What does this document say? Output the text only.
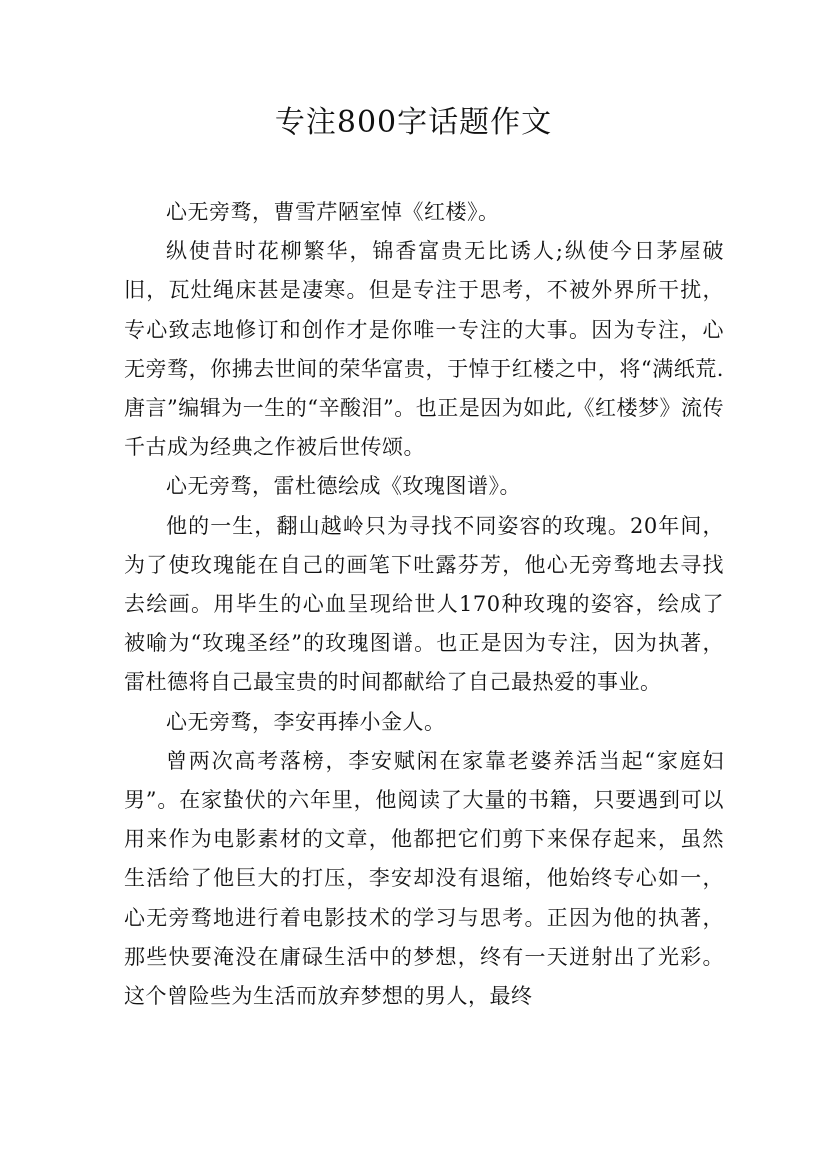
专注800字话题作文

心无旁骛，曹雪芹陋室悼《红楼》。

纵使昔时花柳繁华，锦香富贵无比诱人;纵使今日茅屋破旧，瓦灶绳床甚是凄寒。但是专注于思考，不被外界所干扰，专心致志地修订和创作才是你唯一专注的大事。因为专注，心无旁骛，你拂去世间的荣华富贵，于悼于红楼之中，将“满纸荒.唐言”编辑为一生的“辛酸泪”。也正是因为如此,《红楼梦》流传千古成为经典之作被后世传颂。

心无旁骛，雷杜德绘成《玫瑰图谱》。

他的一生，翻山越岭只为寻找不同姿容的玫瑰。20年间，为了使玫瑰能在自己的画笔下吐露芬芳，他心无旁骛地去寻找去绘画。用毕生的心血呈现给世人170种玫瑰的姿容，绘成了被喻为“玫瑰圣经”的玫瑰图谱。也正是因为专注，因为执著，雷杜德将自己最宝贵的时间都献给了自己最热爱的事业。

心无旁骛，李安再捧小金人。

曾两次高考落榜，李安赋闲在家靠老婆养活当起“家庭妇男”。在家蛰伏的六年里，他阅读了大量的书籍，只要遇到可以用来作为电影素材的文章，他都把它们剪下来保存起来，虽然生活给了他巨大的打压，李安却没有退缩，他始终专心如一，心无旁骛地进行着电影技术的学习与思考。正因为他的执著，那些快要淹没在庸碌生活中的梦想，终有一天迸射出了光彩。这个曾险些为生活而放弃梦想的男人，最终
